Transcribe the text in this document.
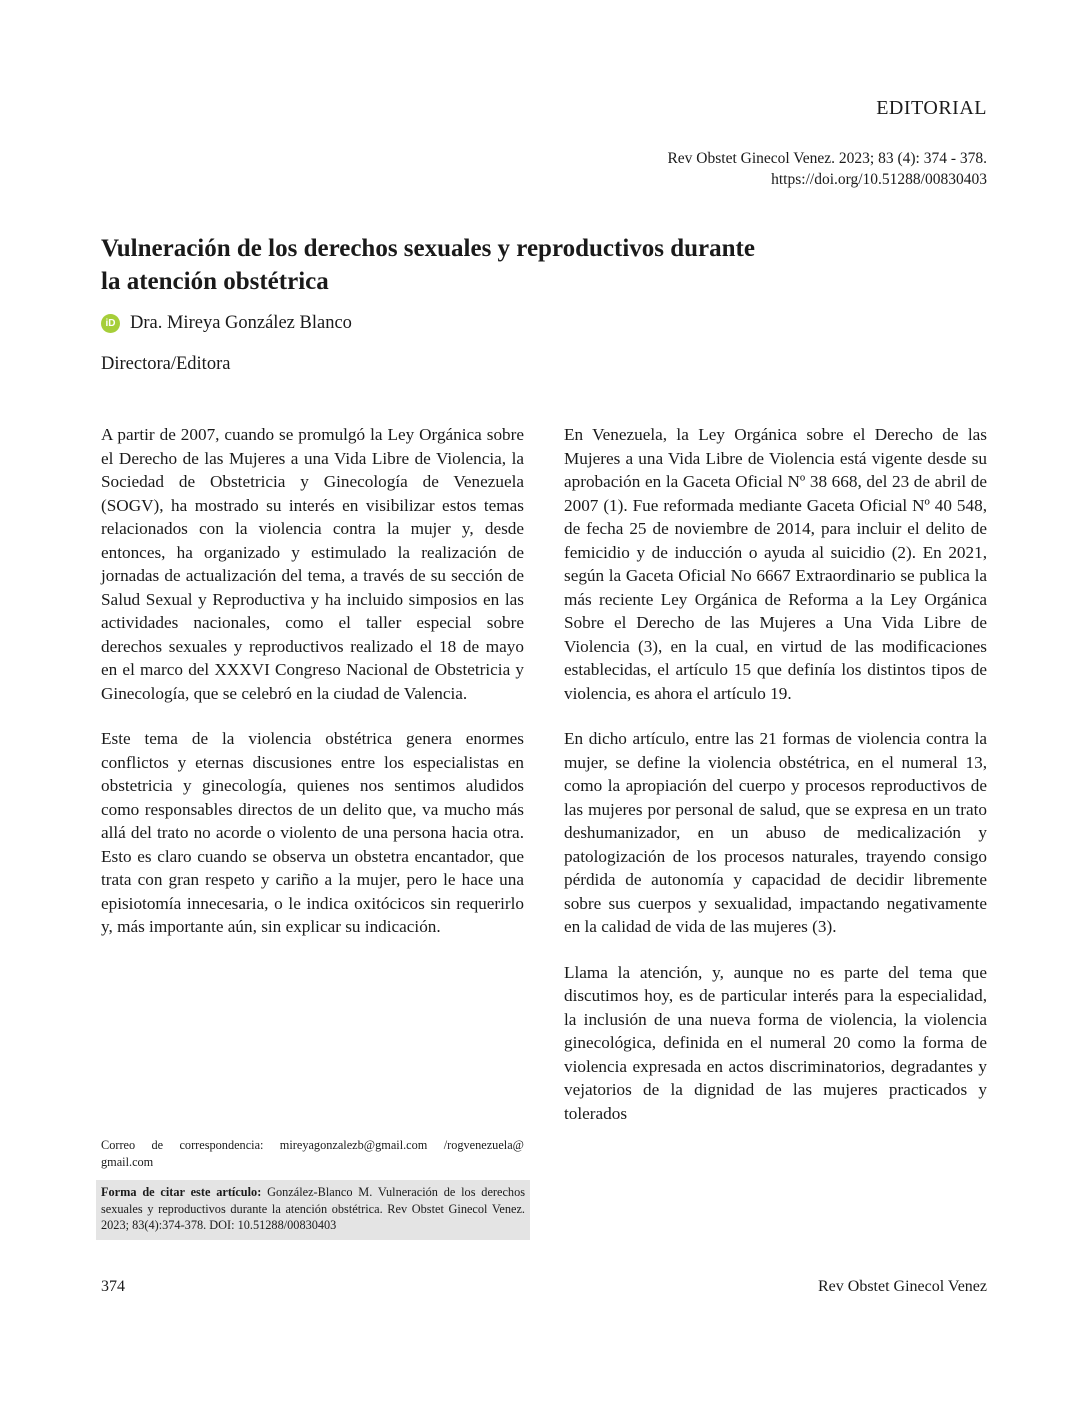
EDITORIAL
Rev Obstet Ginecol Venez. 2023; 83 (4): 374 - 378.
https://doi.org/10.51288/00830403
Vulneración de los derechos sexuales y reproductivos durante
la atención obstétrica
iD Dra. Mireya González Blanco
Directora/Editora

A partir de 2007, cuando se promulgó la Ley Orgánica sobre el Derecho de las Mujeres a una Vida Libre de Violencia, la Sociedad de Obstetricia y Ginecología de Venezuela (SOGV), ha mostrado su interés en visibilizar estos temas relacionados con la violencia contra la mujer y, desde entonces, ha organizado y estimulado la realización de jornadas de actualización del tema, a través de su sección de Salud Sexual y Reproductiva y ha incluido simposios en las actividades nacionales, como el taller especial sobre derechos sexuales y reproductivos realizado el 18 de mayo en el marco del XXXVI Congreso Nacional de Obstetricia y Ginecología, que se celebró en la ciudad de Valencia.

Este tema de la violencia obstétrica genera enormes conflictos y eternas discusiones entre los especialistas en obstetricia y ginecología, quienes nos sentimos aludidos como responsables directos de un delito que, va mucho más allá del trato no acorde o violento de una persona hacia otra. Esto es claro cuando se observa un obstetra encantador, que trata con gran respeto y cariño a la mujer, pero le hace una episiotomía innecesaria, o le indica oxitócicos sin requerirlo y, más importante aún, sin explicar su indicación.

En Venezuela, la Ley Orgánica sobre el Derecho de las Mujeres a una Vida Libre de Violencia está vigente desde su aprobación en la Gaceta Oficial Nº 38 668, del 23 de abril de 2007 (1). Fue reformada mediante Gaceta Oficial Nº 40 548, de fecha 25 de noviembre de 2014, para incluir el delito de femicidio y de inducción o ayuda al suicidio (2). En 2021, según la Gaceta Oficial No 6667 Extraordinario se publica la más reciente Ley Orgánica de Reforma a la Ley Orgánica Sobre el Derecho de las Mujeres a Una Vida Libre de Violencia (3), en la cual, en virtud de las modificaciones establecidas, el artículo 15 que definía los distintos tipos de violencia, es ahora el artículo 19.

En dicho artículo, entre las 21 formas de violencia contra la mujer, se define la violencia obstétrica, en el numeral 13, como la apropiación del cuerpo y procesos reproductivos de las mujeres por personal de salud, que se expresa en un trato deshumanizador, en un abuso de medicalización y patologización de los procesos naturales, trayendo consigo pérdida de autonomía y capacidad de decidir libremente sobre sus cuerpos y sexualidad, impactando negativamente en la calidad de vida de las mujeres (3).

Llama la atención, y, aunque no es parte del tema que discutimos hoy, es de particular interés para la especialidad, la inclusión de una nueva forma de violencia, la violencia ginecológica, definida en el numeral 20 como la forma de violencia expresada en actos discriminatorios, degradantes y vejatorios de la dignidad de las mujeres practicados y tolerados

Correo de correspondencia: mireyagonzalezb@gmail.com /rogvenezuela@ gmail.com
Forma de citar este artículo: González-Blanco M. Vulneración de los derechos sexuales y reproductivos durante la atención obstétrica. Rev Obstet Ginecol Venez. 2023; 83(4):374-378. DOI: 10.51288/00830403
374	Rev Obstet Ginecol Venez
